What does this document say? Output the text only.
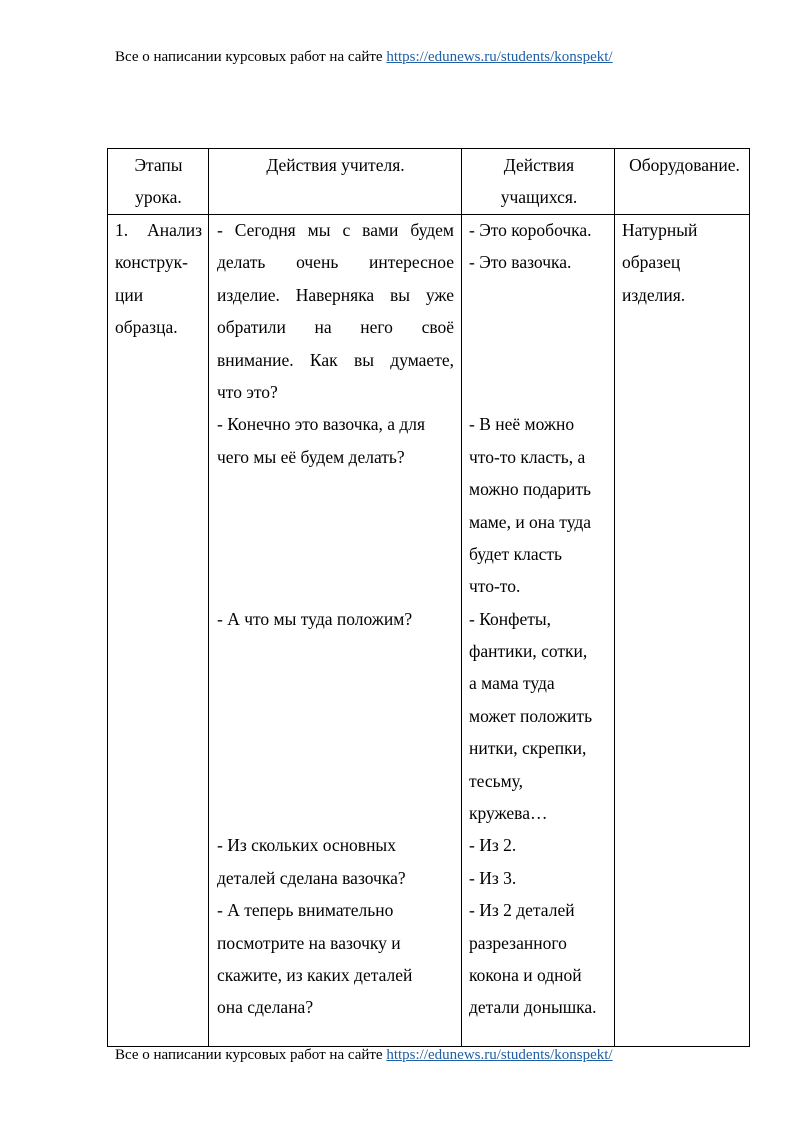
Все о написании курсовых работ на сайте https://edunews.ru/students/konspekt/
Этапы
урока.
Действия учителя.	Действия
учащихся.
Оборудование.
1. Анализ
конструк-
ции
образца.
- Сегодня мы с вами будем
делать очень интересное
изделие. Наверняка вы уже
обратили на него своё
внимание. Как вы думаете,
что это?
- Конечно это вазочка, а для
чего мы её будем делать?
- А что мы туда положим?
- Из скольких основных
деталей сделана вазочка?
- А теперь внимательно
посмотрите на вазочку и
скажите, из каких деталей
она сделана?
- Это коробочка.
- Это вазочка.
- В неё можно
что-то класть, а
можно подарить
маме, и она туда
будет класть
что-то.
- Конфеты,
фантики, сотки,
а мама туда
может положить
нитки, скрепки,
тесьму,
кружева…
- Из 2.
- Из 3.
- Из 2 деталей
разрезанного
кокона и одной
детали донышка.
Натурный
образец
изделия.
Все о написании курсовых работ на сайте https://edunews.ru/students/konspekt/
